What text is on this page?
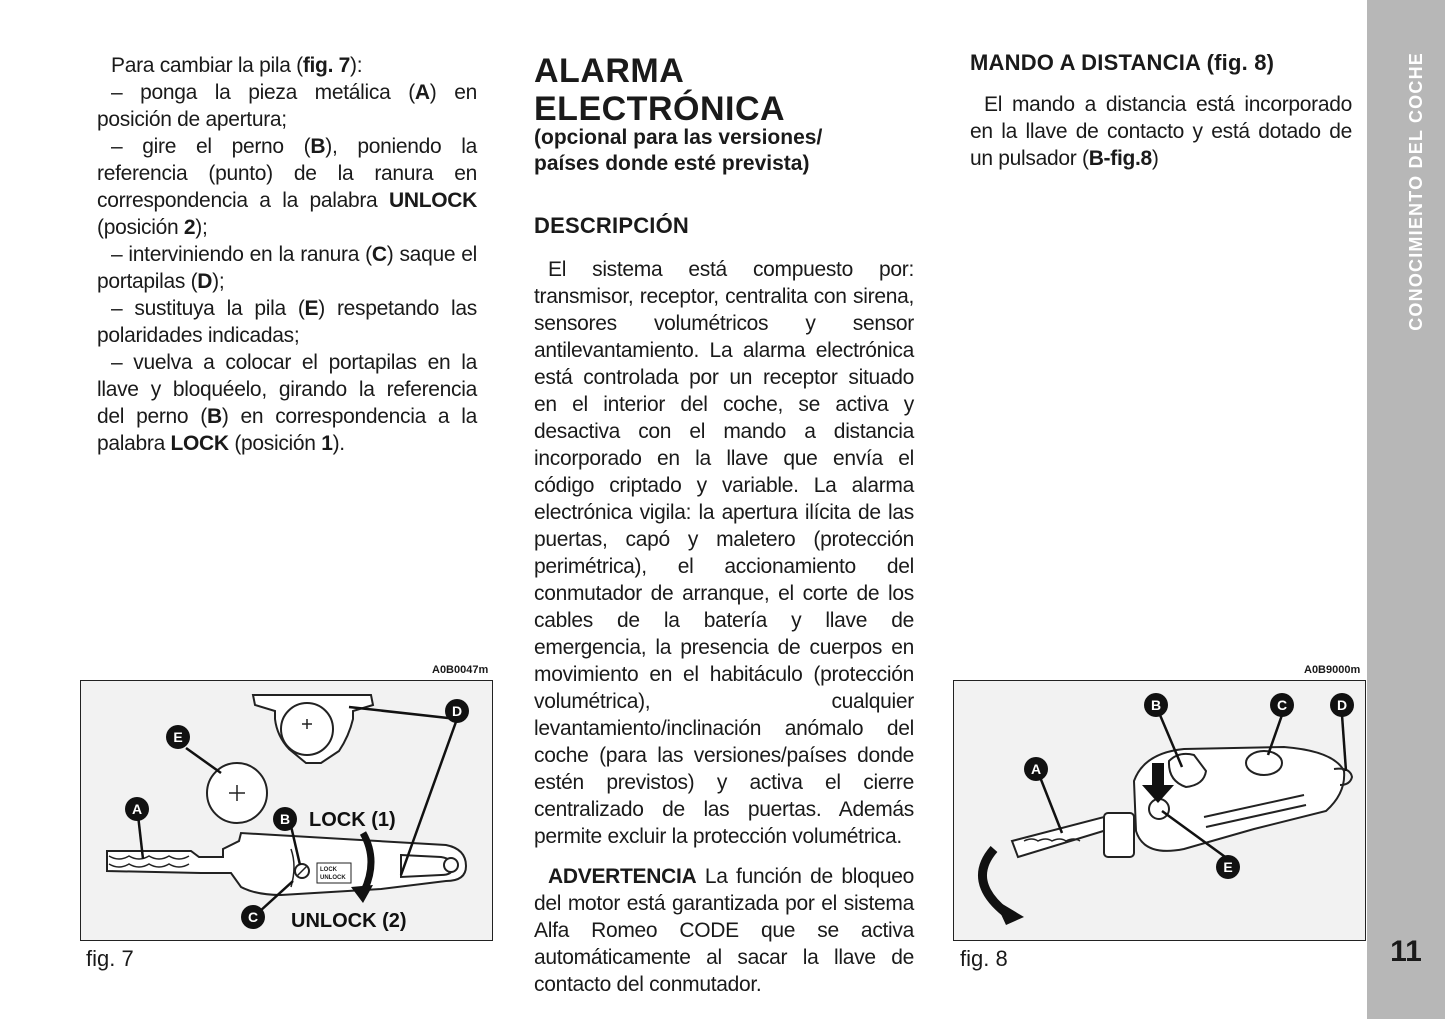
Para cambiar la pila (fig. 7):

– ponga la pieza metálica (A) en posición de apertura;

– gire el perno (B), poniendo la referencia (punto) de la ranura en correspondencia a la palabra UNLOCK (posición 2);

– interviniendo en la ranura (C) saque el portapilas (D);

– sustituya la pila (E) respetando las polaridades indicadas;

– vuelva a colocar el portapilas en la llave y bloquéelo, girando la referencia del perno (B) en correspondencia a la palabra LOCK (posición 1).

ALARMA
ELECTRÓNICA
(opcional para las versiones/
países donde esté prevista)
DESCRIPCIÓN

El sistema está compuesto por: transmisor, receptor, centralita con sirena, sensores volumétricos y sensor antilevantamiento. La alarma electrónica está controlada por un receptor situado en el interior del coche, se activa y desactiva con el mando a distancia incorporado en la llave que envía el código criptado y variable. La alarma electrónica vigila: la apertura ilícita de las puertas, capó y maletero (protección perimétrica), el accionamiento del conmutador de arranque, el corte de los cables de la batería y llave de emergencia, la presencia de cuerpos en movimiento en el habitáculo (protección volumétrica), cualquier levantamiento/inclinación anómalo del coche (para las versiones/países donde estén previstos) y activa el cierre centralizado de las puertas. Además permite excluir la protección volumétrica.

ADVERTENCIA La función de bloqueo del motor está garantizada por el sistema Alfa Romeo CODE que se activa automáticamente al sacar la llave de contacto del conmutador.

MANDO A DISTANCIA (fig. 8)

El mando a distancia está incorporado en la llave de contacto y está dotado de un pulsador (B-fig.8)

A0B0047m
LOCK
UNLOCK
A
B
C
D
E
LOCK (1)
UNLOCK (2)
fig. 7
A0B9000m
A
B	C	D
E
fig. 8
CONOCIMIENTO DEL COCHE
11
